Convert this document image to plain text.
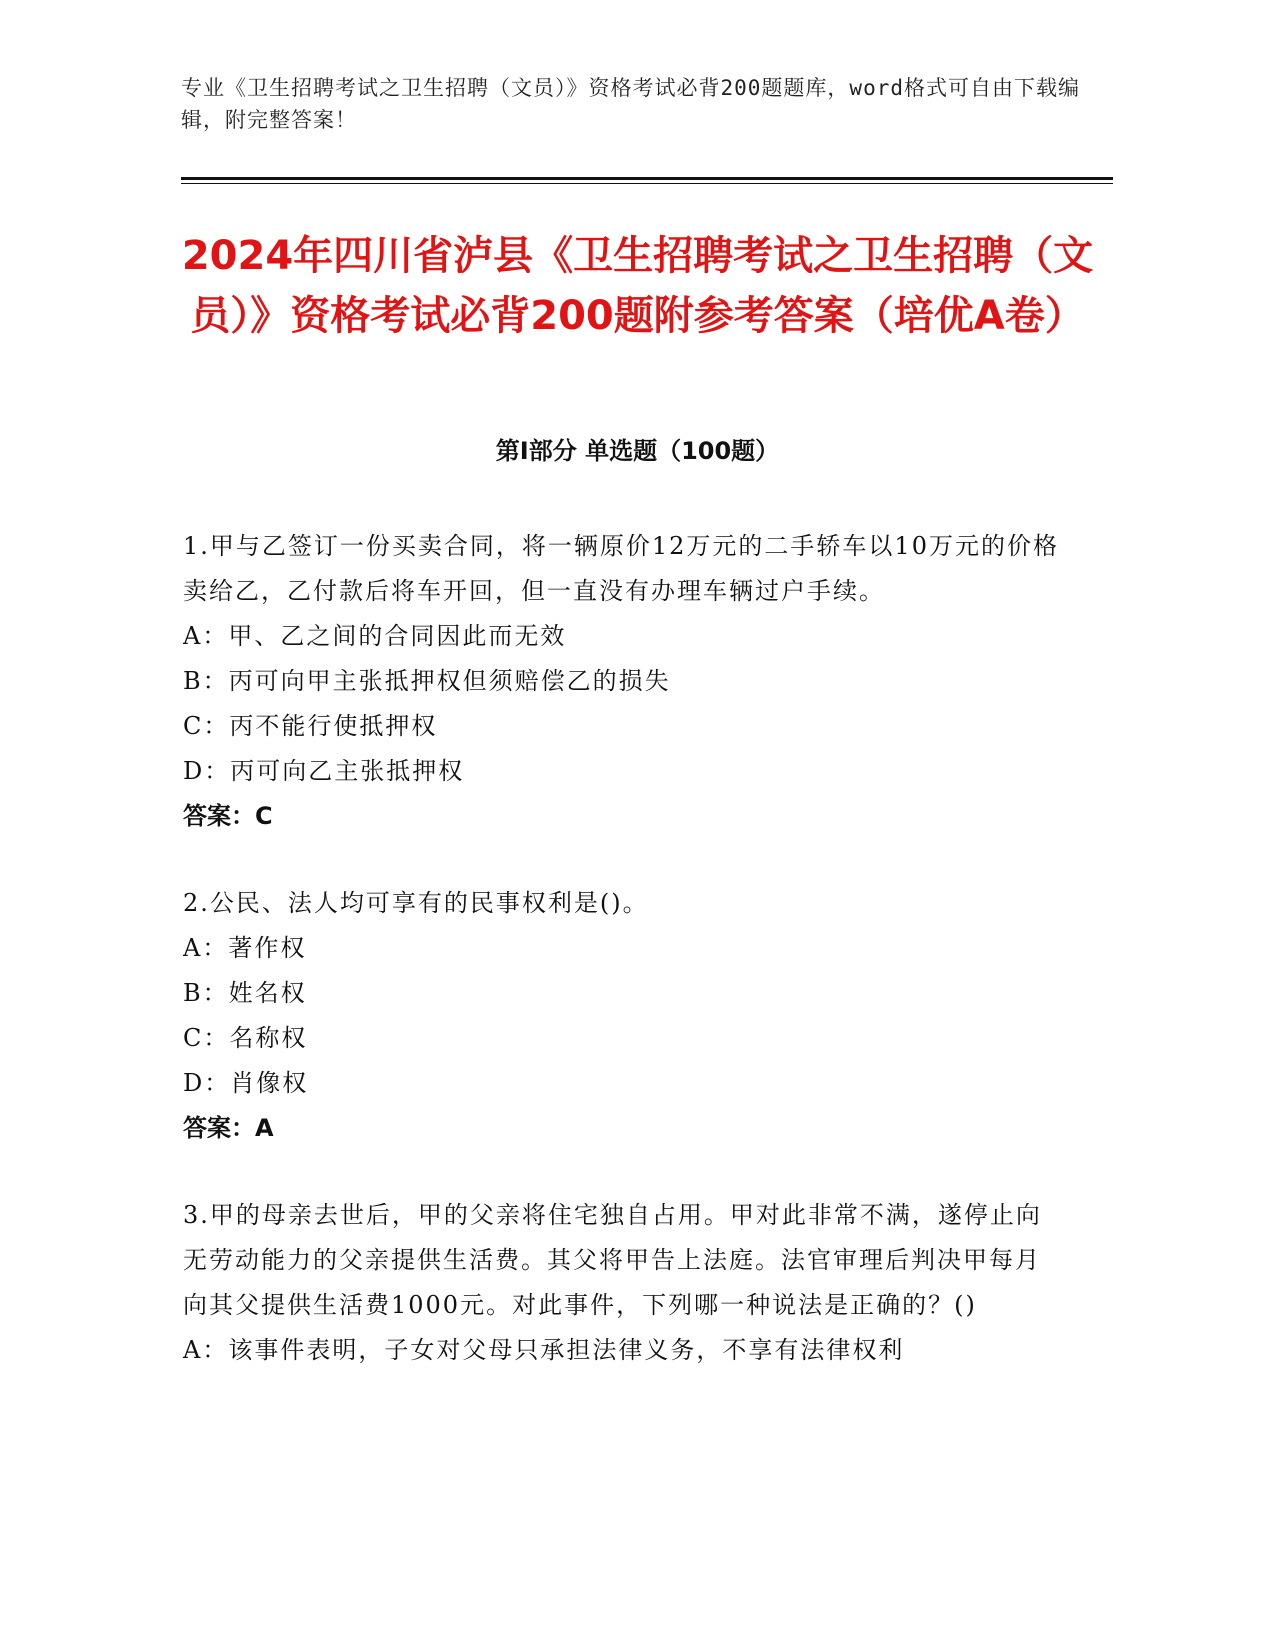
专业《卫生招聘考试之卫生招聘（文员）》资格考试必背200题题库，word格式可自由下载编辑，附完整答案！
2024年四川省泸县《卫生招聘考试之卫生招聘（文员）》资格考试必背200题附参考答案（培优A卷）
第I部分 单选题（100题）
1.甲与乙签订一份买卖合同，将一辆原价12万元的二手轿车以10万元的价格卖给乙，乙付款后将车开回，但一直没有办理车辆过户手续。
A：甲、乙之间的合同因此而无效
B：丙可向甲主张抵押权但须赔偿乙的损失
C：丙不能行使抵押权
D：丙可向乙主张抵押权
答案：C
2.公民、法人均可享有的民事权利是()。
A：著作权
B：姓名权
C：名称权
D：肖像权
答案：A
3.甲的母亲去世后，甲的父亲将住宅独自占用。甲对此非常不满，遂停止向无劳动能力的父亲提供生活费。其父将甲告上法庭。法官审理后判决甲每月向其父提供生活费1000元。对此事件，下列哪一种说法是正确的？()
A：该事件表明，子女对父母只承担法律义务，不享有法律权利
